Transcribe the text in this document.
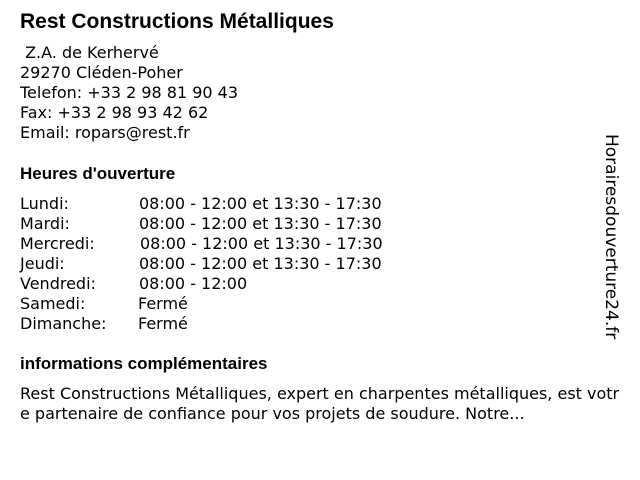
Rest Constructions Métalliques
Z.A. de Kerhervé
29270 Cléden-Poher
Telefon: +33 2 98 81 90 43
Fax: +33 2 98 93 42 62
Email: ropars@rest.fr
Heures d'ouverture
Lundi:	08:00 - 12:00 et 13:30 - 17:30
Mardi:	08:00 - 12:00 et 13:30 - 17:30
Mercredi:	08:00 - 12:00 et 13:30 - 17:30
Jeudi:	08:00 - 12:00 et 13:30 - 17:30
Vendredi:	08:00 - 12:00
Samedi:	Fermé
Dimanche: Fermé
informations complémentaires
Rest Constructions Métalliques, expert en charpentes métalliques, est votre partenaire de confiance pour vos projets de soudure. Notre...
Horairesdouverture24.fr
